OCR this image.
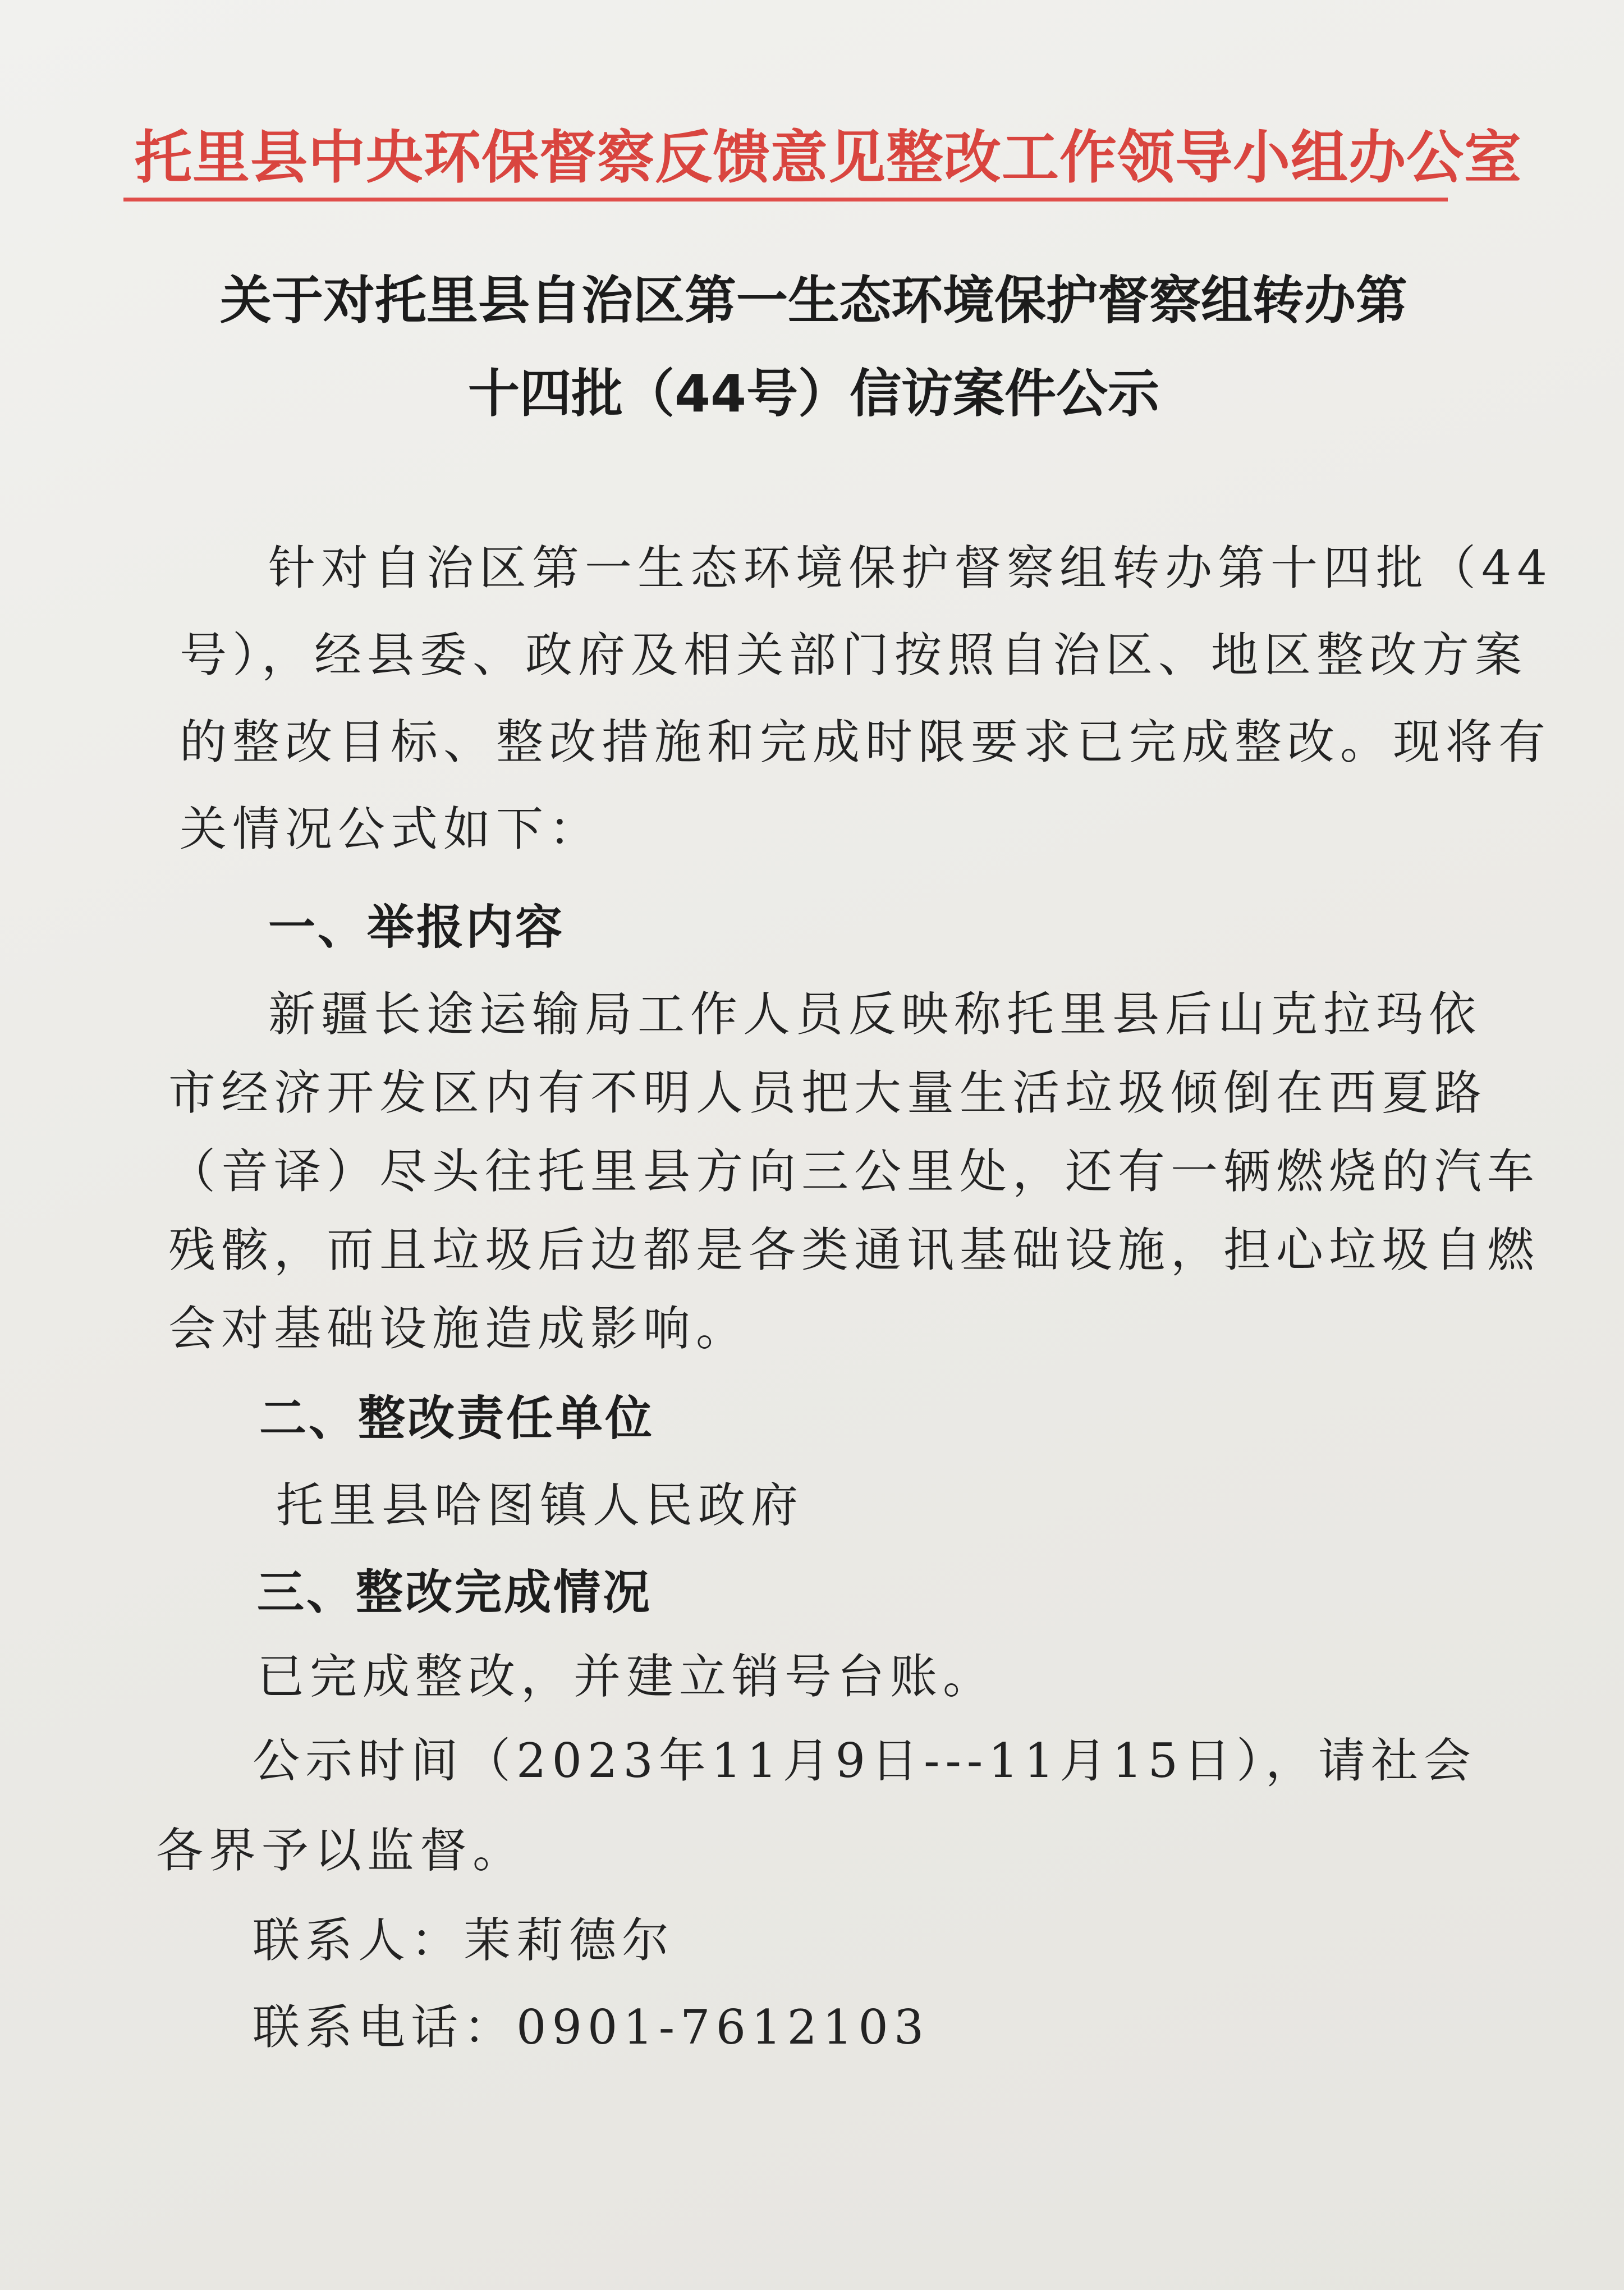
托里县中央环保督察反馈意见整改工作领导小组办公室
关于对托里县自治区第一生态环境保护督察组转办第
十四批（44号）信访案件公示
针对自治区第一生态环境保护督察组转办第十四批（44
号），经县委、政府及相关部门按照自治区、地区整改方案
的整改目标、整改措施和完成时限要求已完成整改。现将有
关情况公式如下：
一、举报内容
新疆长途运输局工作人员反映称托里县后山克拉玛依
市经济开发区内有不明人员把大量生活垃圾倾倒在西夏路
（音译）尽头往托里县方向三公里处，还有一辆燃烧的汽车
残骸，而且垃圾后边都是各类通讯基础设施，担心垃圾自燃
会对基础设施造成影响。
二、整改责任单位
托里县哈图镇人民政府
三、整改完成情况
已完成整改，并建立销号台账。
公示时间（2023年11月9日---11月15日），请社会
各界予以监督。
联系人：茉莉德尔
联系电话：0901-7612103
